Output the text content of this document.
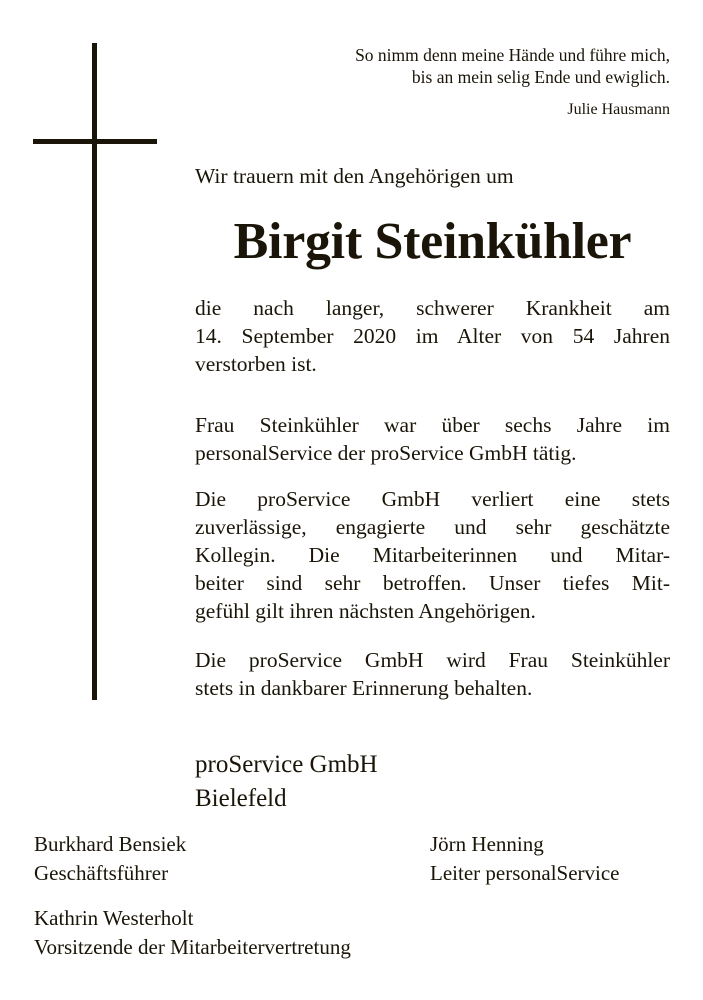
So nimm denn meine Hände und führe mich,
bis an mein selig Ende und ewiglich.
Julie Hausmann
Wir trauern mit den Angehörigen um
Birgit Steinkühler
die nach langer, schwerer Krankheit am
14. September 2020 im Alter von 54 Jahren
verstorben ist.
Frau Steinkühler war über sechs Jahre im
personalService der proService GmbH tätig.
Die proService GmbH verliert eine stets
zuverlässige, engagierte und sehr geschätzte
Kollegin. Die Mitarbeiterinnen und Mitar-
beiter sind sehr betroffen. Unser tiefes Mit-
gefühl gilt ihren nächsten Angehörigen.
Die proService GmbH wird Frau Steinkühler
stets in dankbarer Erinnerung behalten.
proService GmbH
Bielefeld
Burkhard Bensiek
Geschäftsführer
Jörn Henning
Leiter personalService
Kathrin Westerholt
Vorsitzende der Mitarbeitervertretung
